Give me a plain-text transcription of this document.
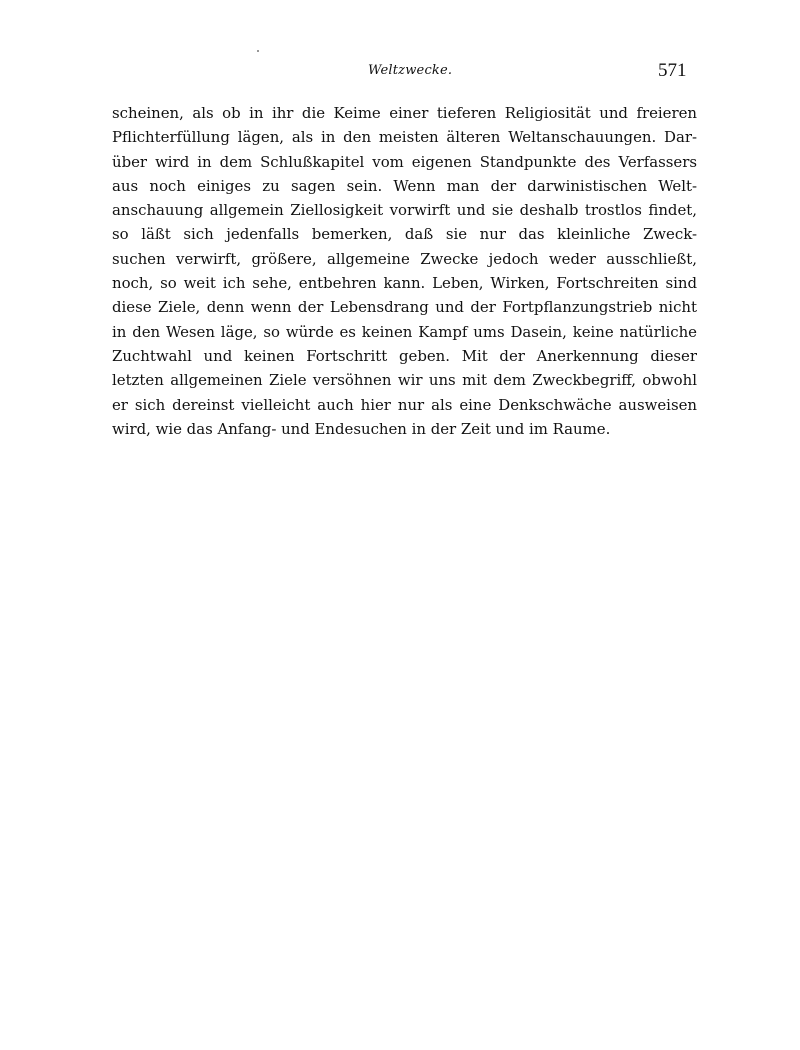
Weltzwecke.	571
scheinen, als ob in ihr die Keime einer tieferen Religiosität und freieren
Pflichterfüllung lägen, als in den meisten älteren Weltanschauungen. Dar-
über wird in dem Schlußkapitel vom eigenen Standpunkte des Verfassers
aus noch einiges zu sagen sein. Wenn man der darwinistischen Welt-
anschauung allgemein Ziellosigkeit vorwirft und sie deshalb trostlos findet,
so läßt sich jedenfalls bemerken, daß sie nur das kleinliche Zweck-
suchen verwirft, größere, allgemeine Zwecke jedoch weder ausschließt,
noch, so weit ich sehe, entbehren kann. Leben, Wirken, Fortschreiten sind
diese Ziele, denn wenn der Lebensdrang und der Fortpflanzungstrieb nicht
in den Wesen läge, so würde es keinen Kampf ums Dasein, keine natürliche
Zuchtwahl und keinen Fortschritt geben. Mit der Anerkennung dieser
letzten allgemeinen Ziele versöhnen wir uns mit dem Zweckbegriff, obwohl
er sich dereinst vielleicht auch hier nur als eine Denkschwäche ausweisen
wird, wie das Anfang- und Endesuchen in der Zeit und im Raume.
